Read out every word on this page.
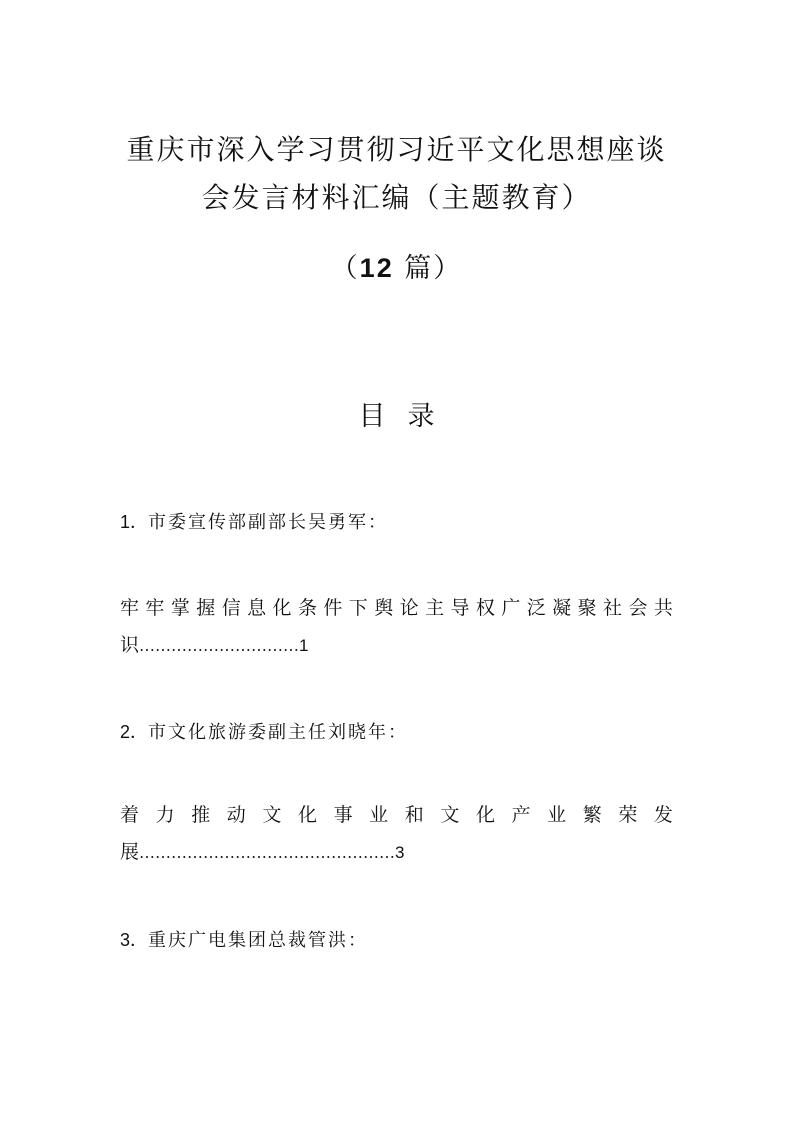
重庆市深入学习贯彻习近平文化思想座谈
会发言材料汇编（主题教育）
（12 篇）
目录
1．市委宣传部副部长吴勇军：
牢 牢 掌 握 信 息 化 条 件 下 舆 论 主 导 权 广 泛 凝 聚 社 会 共
识…………………………1
2．市文化旅游委副主任刘晓年：
着 力 推 动 文 化 事 业 和 文 化 产 业 繁 荣 发
展…………………………………………3
3．重庆广电集团总裁管洪：
